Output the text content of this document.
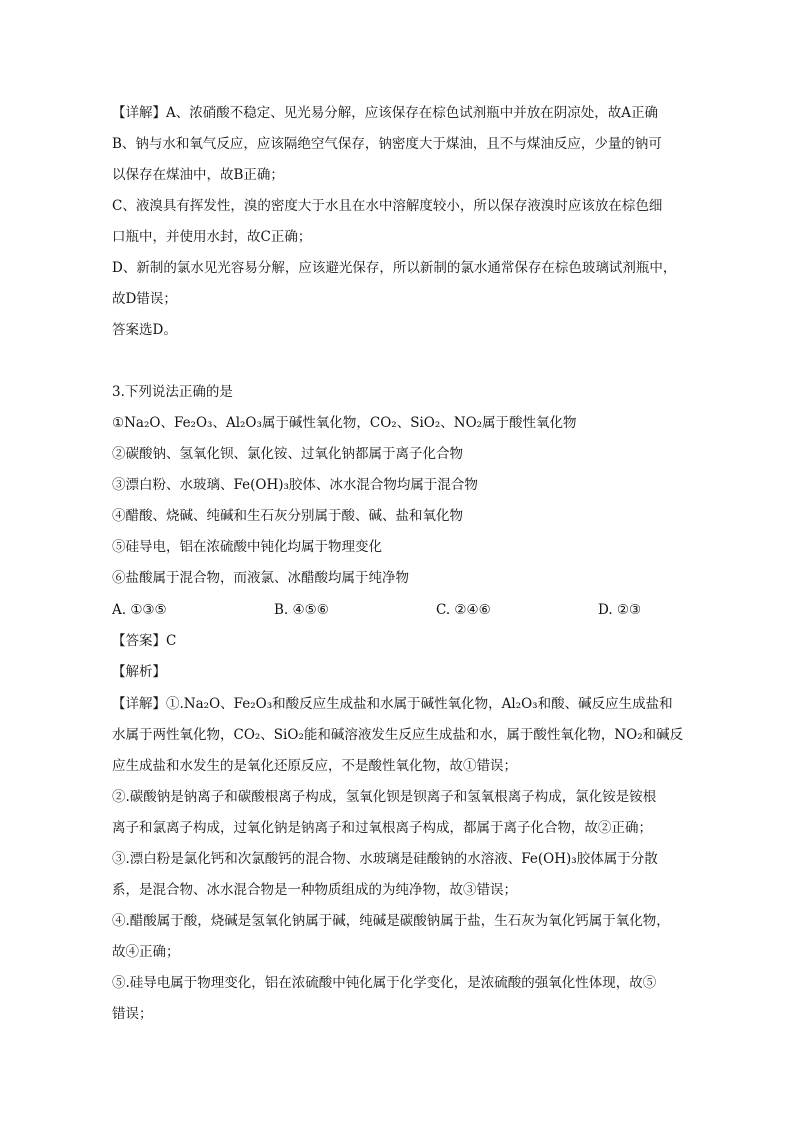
【详解】A、浓硝酸不稳定、见光易分解，应该保存在棕色试剂瓶中并放在阴凉处，故A正确
B、钠与水和氧气反应，应该隔绝空气保存，钠密度大于煤油，且不与煤油反应，少量的钠可
以保存在煤油中，故B正确；
C、液溴具有挥发性，溴的密度大于水且在水中溶解度较小，所以保存液溴时应该放在棕色细
口瓶中，并使用水封，故C正确；
D、新制的氯水见光容易分解，应该避光保存，所以新制的氯水通常保存在棕色玻璃试剂瓶中，
故D错误；
答案选D。
3.下列说法正确的是
①Na₂O、Fe₂O₃、Al₂O₃属于碱性氧化物，CO₂、SiO₂、NO₂属于酸性氧化物
②碳酸钠、氢氧化钡、氯化铵、过氧化钠都属于离子化合物
③漂白粉、水玻璃、Fe(OH)₃胶体、冰水混合物均属于混合物
④醋酸、烧碱、纯碱和生石灰分别属于酸、碱、盐和氧化物
⑤硅导电，铝在浓硫酸中钝化均属于物理变化
⑥盐酸属于混合物，而液氯、冰醋酸均属于纯净物
A. ①③⑤	B. ④⑤⑥	C. ②④⑥	D. ②③
【答案】C
【解析】
【详解】①.Na₂O、Fe₂O₃和酸反应生成盐和水属于碱性氧化物，Al₂O₃和酸、碱反应生成盐和
水属于两性氧化物，CO₂、SiO₂能和碱溶液发生反应生成盐和水，属于酸性氧化物，NO₂和碱反
应生成盐和水发生的是氧化还原反应，不是酸性氧化物，故①错误；
②.碳酸钠是钠离子和碳酸根离子构成，氢氧化钡是钡离子和氢氧根离子构成，氯化铵是铵根
离子和氯离子构成，过氧化钠是钠离子和过氧根离子构成，都属于离子化合物，故②正确；
③.漂白粉是氯化钙和次氯酸钙的混合物、水玻璃是硅酸钠的水溶液、Fe(OH)₃胶体属于分散
系，是混合物、冰水混合物是一种物质组成的为纯净物，故③错误；
④.醋酸属于酸，烧碱是氢氧化钠属于碱，纯碱是碳酸钠属于盐，生石灰为氧化钙属于氧化物，
故④正确；
⑤.硅导电属于物理变化，铝在浓硫酸中钝化属于化学变化，是浓硫酸的强氧化性体现，故⑤
错误；
